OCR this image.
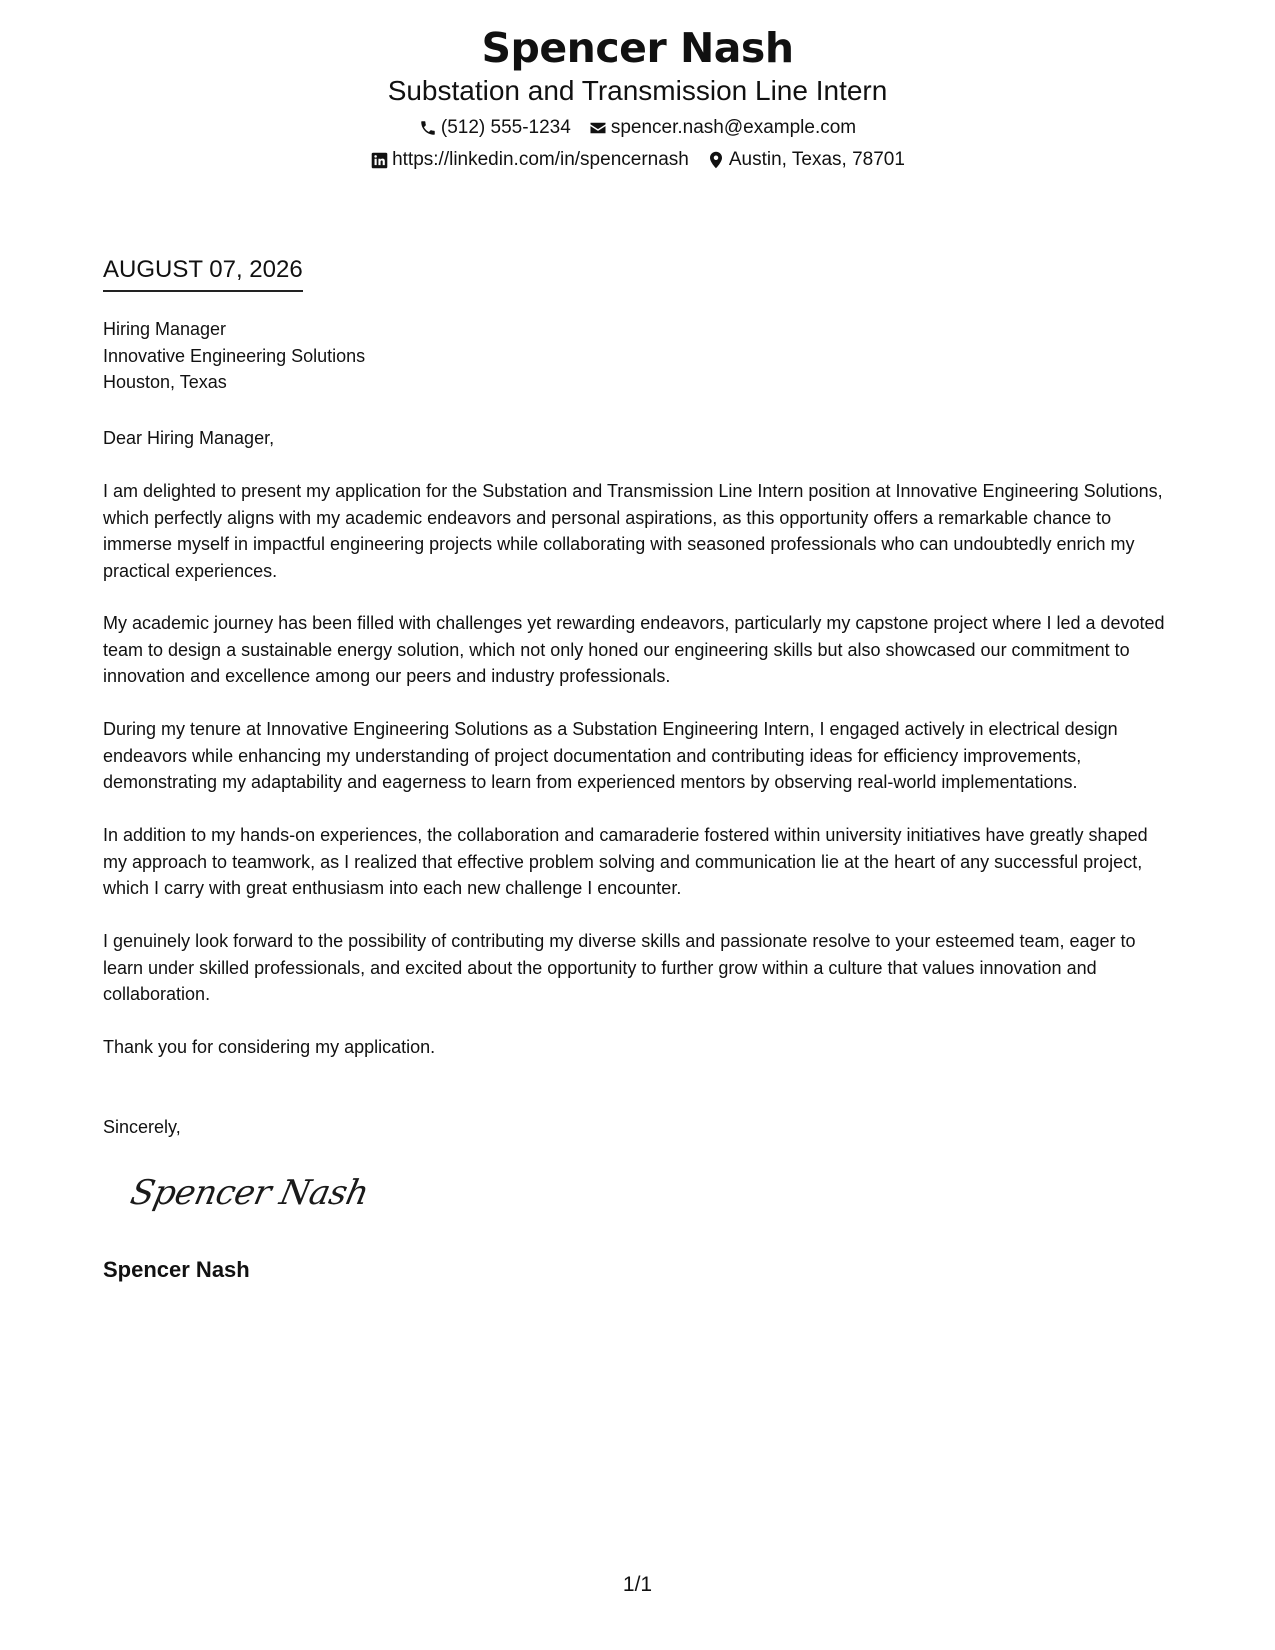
Spencer Nash
Substation and Transmission Line Intern
(512) 555-1234 spencer.nash@example.com
https://linkedin.com/in/spencernash Austin, Texas, 78701
AUGUST 07, 2026
Hiring Manager
Innovative Engineering Solutions
Houston, Texas
Dear Hiring Manager,

I am delighted to present my application for the Substation and Transmission Line Intern position at Innovative Engineering Solutions, which perfectly aligns with my academic endeavors and personal aspirations, as this opportunity offers a remarkable chance to immerse myself in impactful engineering projects while collaborating with seasoned professionals who can undoubtedly enrich my practical experiences.

My academic journey has been filled with challenges yet rewarding endeavors, particularly my capstone project where I led a devoted team to design a sustainable energy solution, which not only honed our engineering skills but also showcased our commitment to innovation and excellence among our peers and industry professionals.

During my tenure at Innovative Engineering Solutions as a Substation Engineering Intern, I engaged actively in electrical design endeavors while enhancing my understanding of project documentation and contributing ideas for efficiency improvements, demonstrating my adaptability and eagerness to learn from experienced mentors by observing real-world implementations.

In addition to my hands-on experiences, the collaboration and camaraderie fostered within university initiatives have greatly shaped my approach to teamwork, as I realized that effective problem solving and communication lie at the heart of any successful project, which I carry with great enthusiasm into each new challenge I encounter.

I genuinely look forward to the possibility of contributing my diverse skills and passionate resolve to your esteemed team, eager to learn under skilled professionals, and excited about the opportunity to further grow within a culture that values innovation and collaboration.

Thank you for considering my application.
Sincerely,
Spencer Nash
Spencer Nash
1/1
